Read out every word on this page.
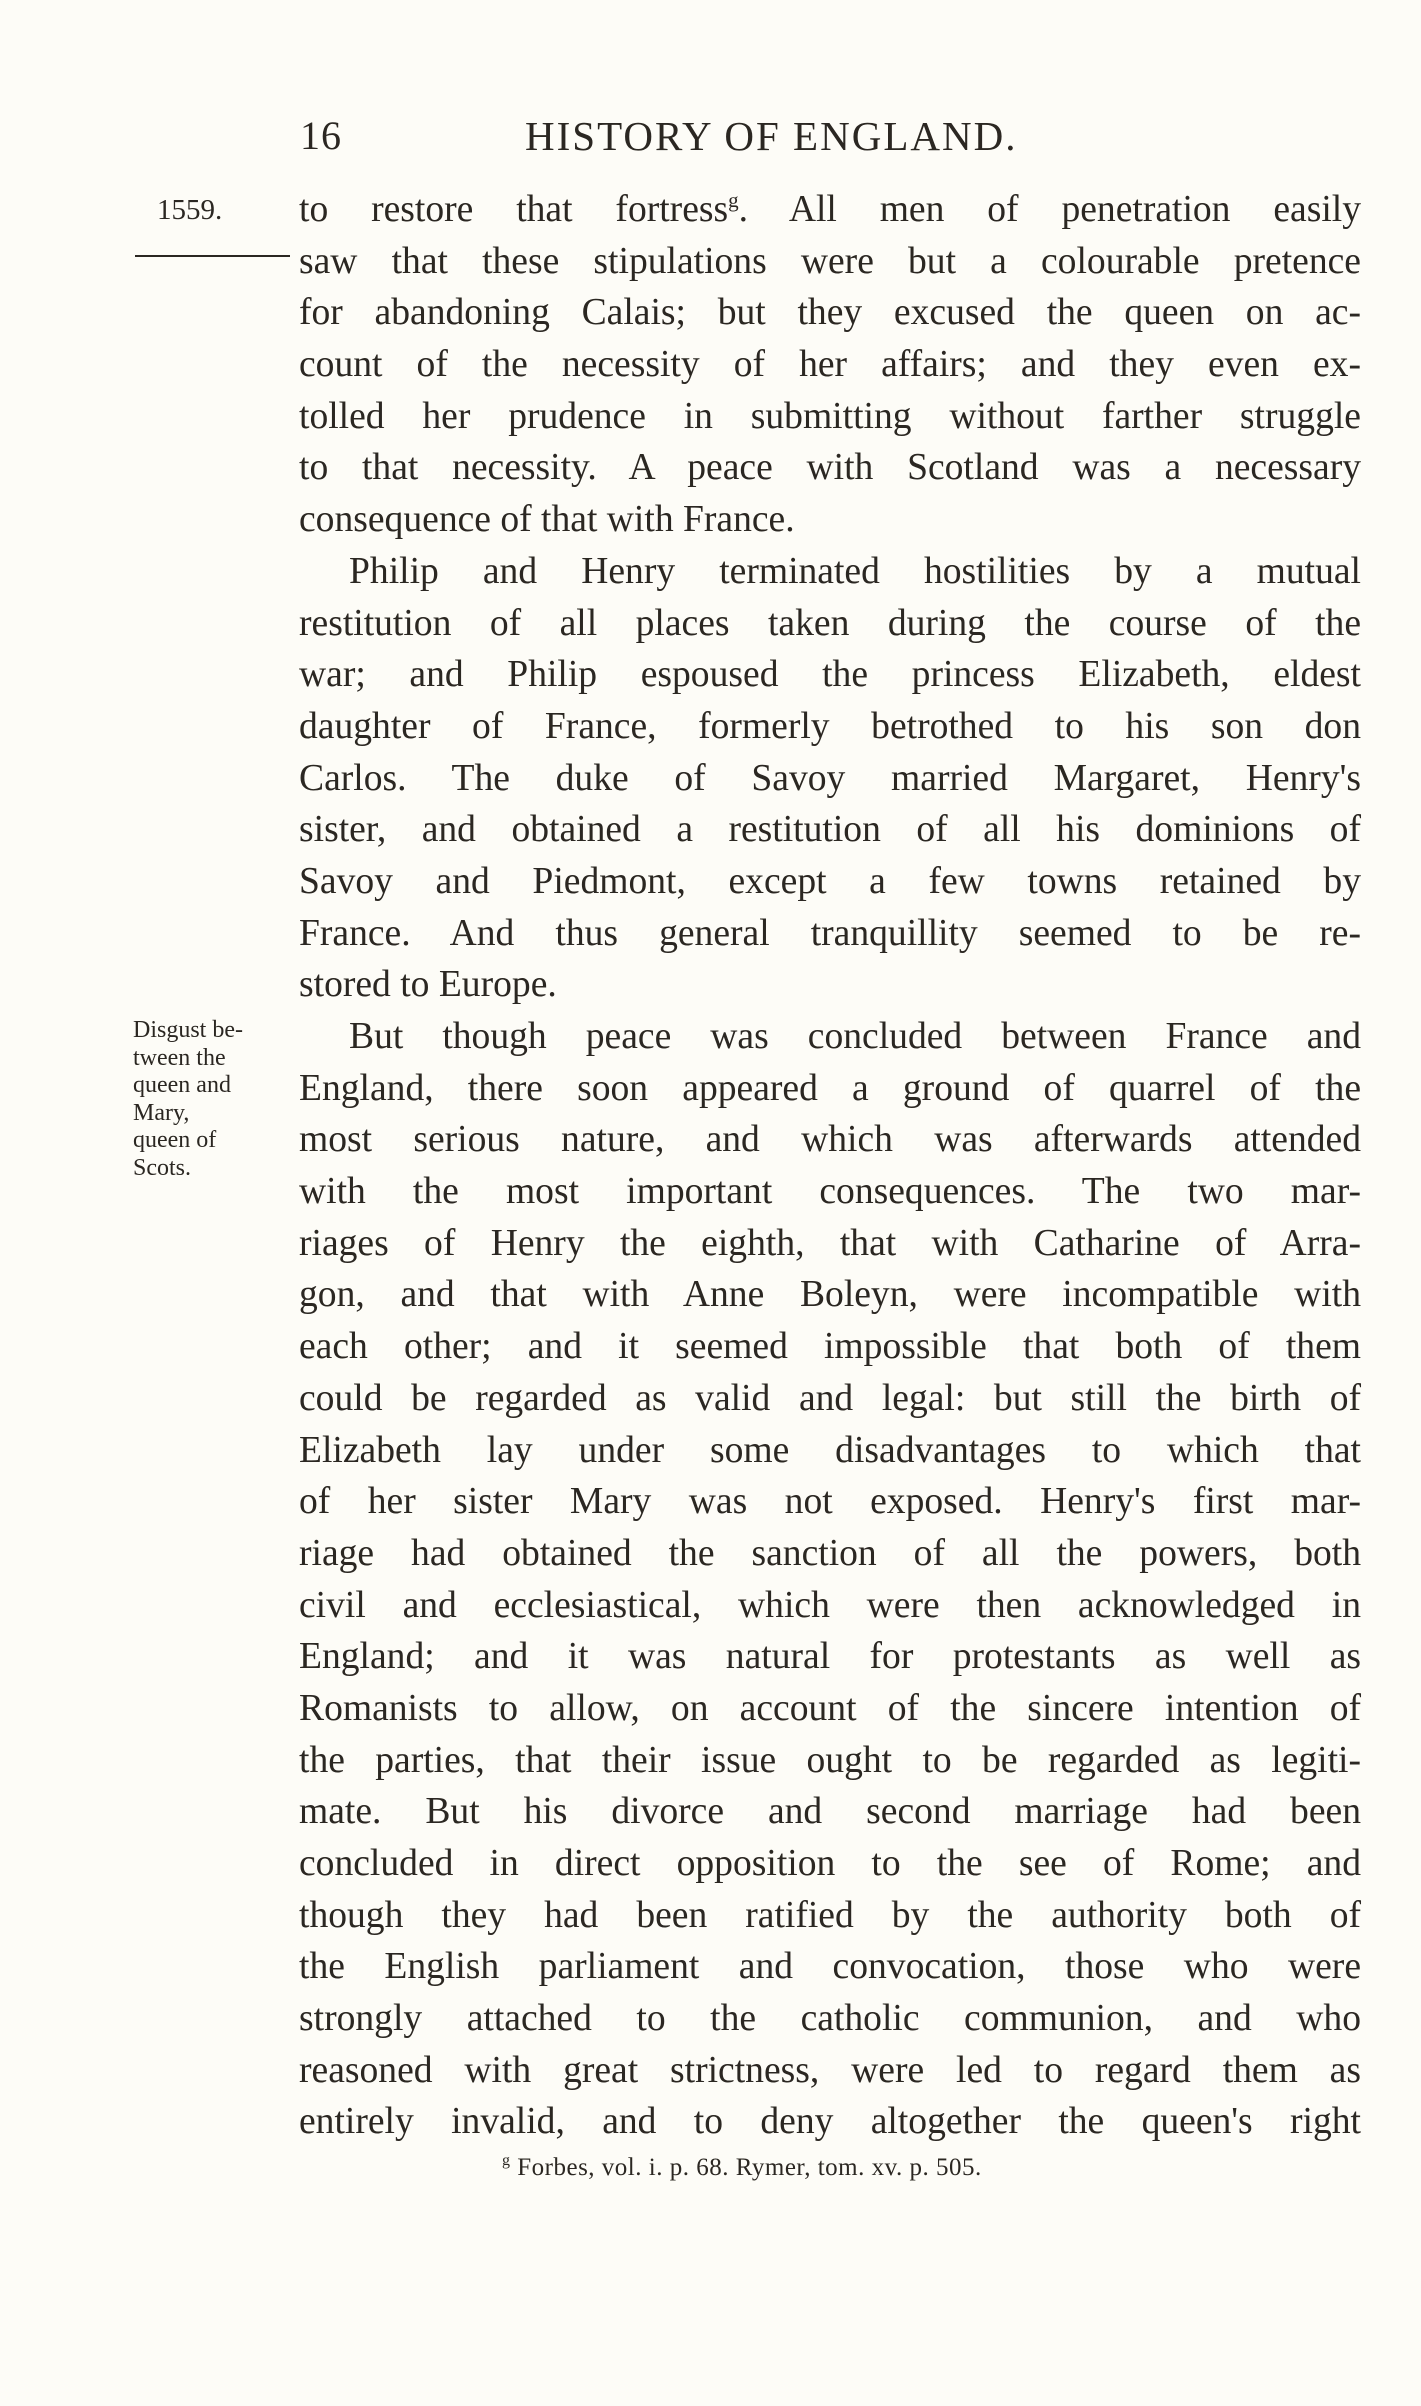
16	HISTORY OF ENGLAND.
1559.
Disgust be-
tween the
queen and
Mary,
queen of
Scots.
to restore that fortress$^g$. All men of penetration easily
saw that these stipulations were but a colourable pretence
for abandoning Calais; but they excused the queen on ac-
count of the necessity of her affairs; and they even ex-
tolled her prudence in submitting without farther struggle
to that necessity. A peace with Scotland was a necessary
consequence of that with France.
Philip and Henry terminated hostilities by a mutual
restitution of all places taken during the course of the
war; and Philip espoused the princess Elizabeth, eldest
daughter of France, formerly betrothed to his son don
Carlos. The duke of Savoy married Margaret, Henry's
sister, and obtained a restitution of all his dominions of
Savoy and Piedmont, except a few towns retained by
France. And thus general tranquillity seemed to be re-
stored to Europe.
But though peace was concluded between France and
England, there soon appeared a ground of quarrel of the
most serious nature, and which was afterwards attended
with the most important consequences. The two mar-
riages of Henry the eighth, that with Catharine of Arra-
gon, and that with Anne Boleyn, were incompatible with
each other; and it seemed impossible that both of them
could be regarded as valid and legal: but still the birth of
Elizabeth lay under some disadvantages to which that
of her sister Mary was not exposed. Henry's first mar-
riage had obtained the sanction of all the powers, both
civil and ecclesiastical, which were then acknowledged in
England; and it was natural for protestants as well as
Romanists to allow, on account of the sincere intention of
the parties, that their issue ought to be regarded as legiti-
mate. But his divorce and second marriage had been
concluded in direct opposition to the see of Rome; and
though they had been ratified by the authority both of
the English parliament and convocation, those who were
strongly attached to the catholic communion, and who
reasoned with great strictness, were led to regard them as
entirely invalid, and to deny altogether the queen's right
$^g$ Forbes, vol. i. p. 68. Rymer, tom. xv. p. 505.
